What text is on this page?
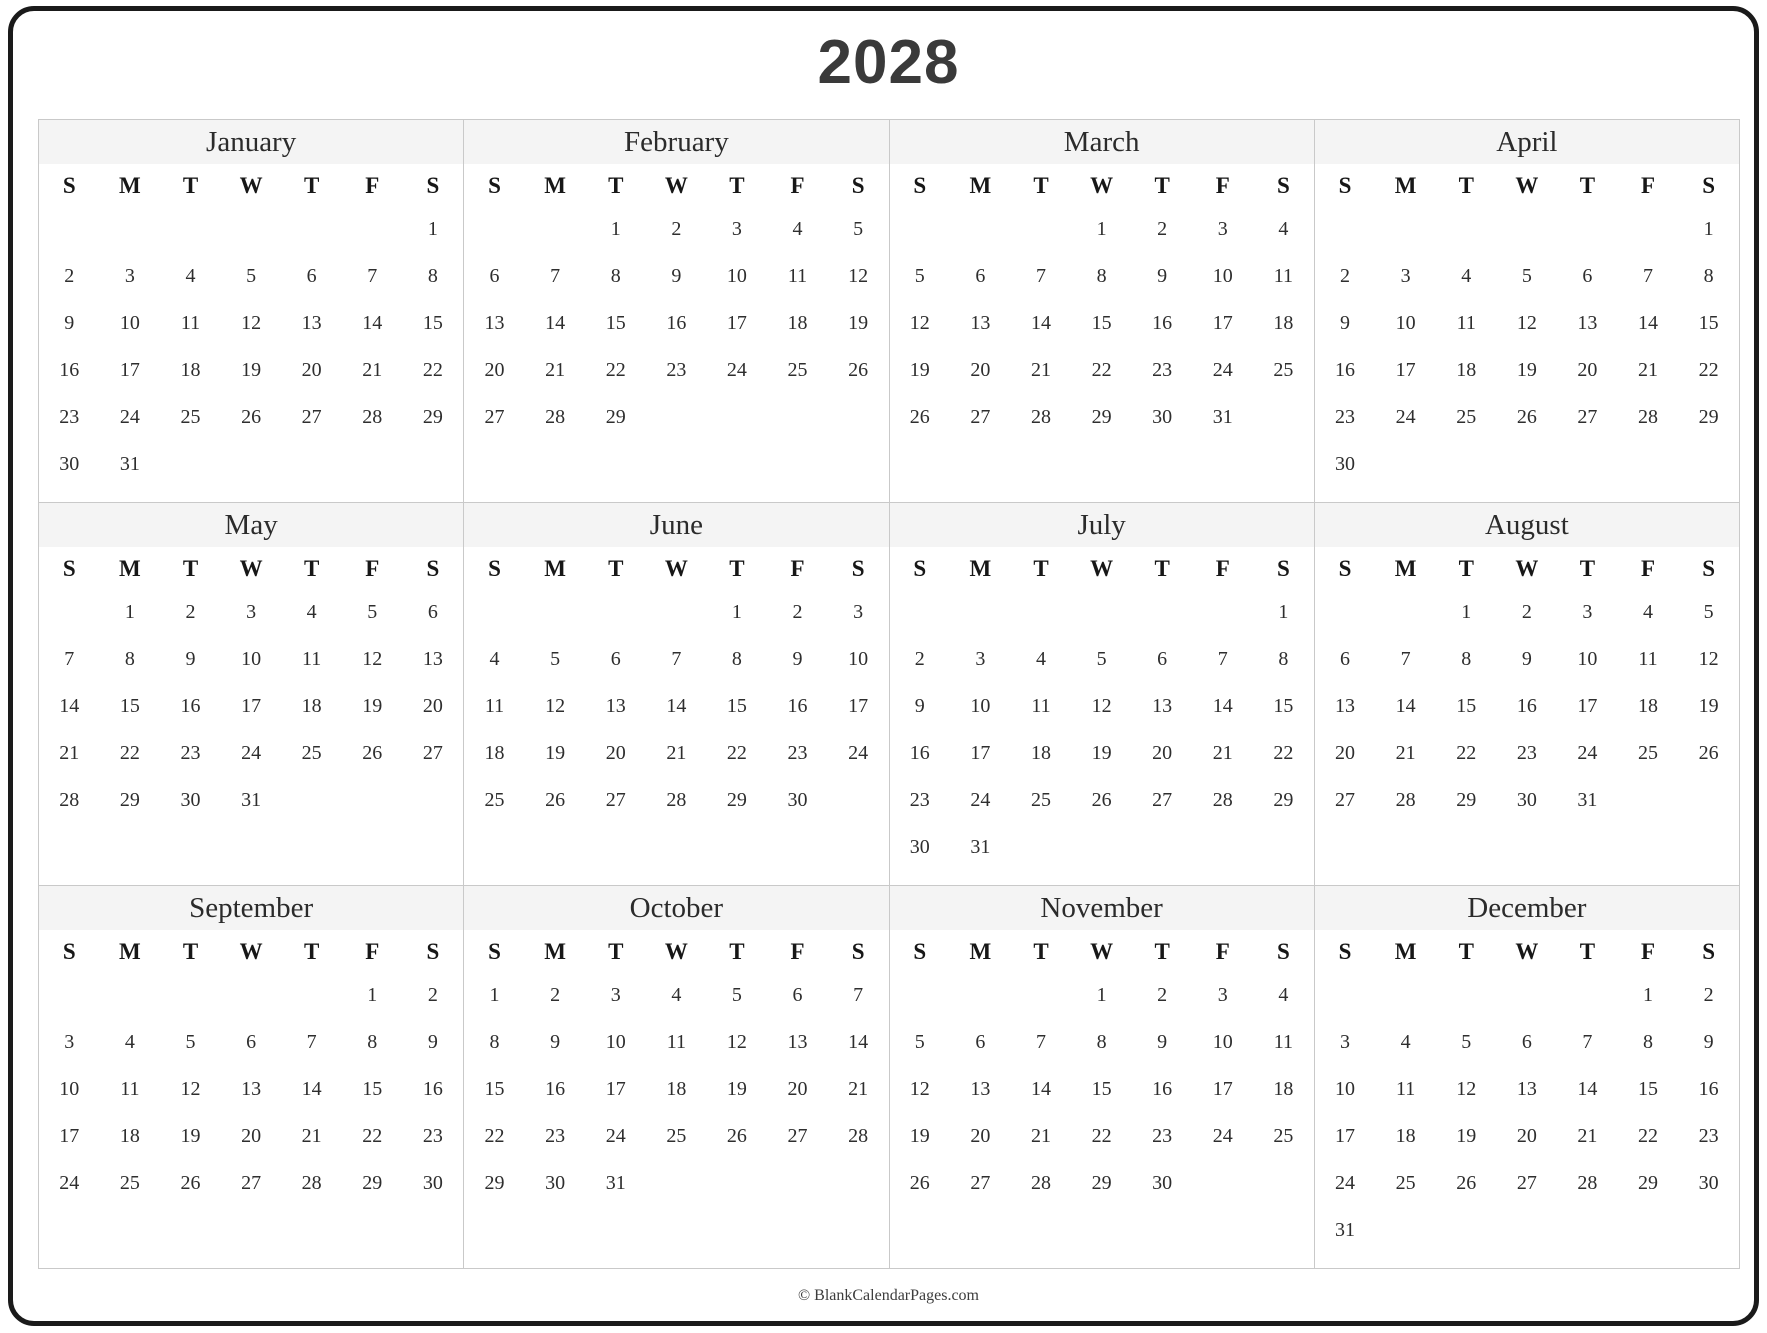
2028
January
S	M	T	W	T	F	S
						1
2	3	4	5	6	7	8
9	10	11	12	13	14	15
16	17	18	19	20	21	22
23	24	25	26	27	28	29
30	31					
February
S	M	T	W	T	F	S
		1	2	3	4	5
6	7	8	9	10	11	12
13	14	15	16	17	18	19
20	21	22	23	24	25	26
27	28	29				

March
S	M	T	W	T	F	S
			1	2	3	4
5	6	7	8	9	10	11
12	13	14	15	16	17	18
19	20	21	22	23	24	25
26	27	28	29	30	31	

April
S	M	T	W	T	F	S
						1
2	3	4	5	6	7	8
9	10	11	12	13	14	15
16	17	18	19	20	21	22
23	24	25	26	27	28	29
30						
May
S	M	T	W	T	F	S
	1	2	3	4	5	6
7	8	9	10	11	12	13
14	15	16	17	18	19	20
21	22	23	24	25	26	27
28	29	30	31			

June
S	M	T	W	T	F	S
				1	2	3
4	5	6	7	8	9	10
11	12	13	14	15	16	17
18	19	20	21	22	23	24
25	26	27	28	29	30	

July
S	M	T	W	T	F	S
						1
2	3	4	5	6	7	8
9	10	11	12	13	14	15
16	17	18	19	20	21	22
23	24	25	26	27	28	29
30	31					
August
S	M	T	W	T	F	S
		1	2	3	4	5
6	7	8	9	10	11	12
13	14	15	16	17	18	19
20	21	22	23	24	25	26
27	28	29	30	31		

September
S	M	T	W	T	F	S
					1	2
3	4	5	6	7	8	9
10	11	12	13	14	15	16
17	18	19	20	21	22	23
24	25	26	27	28	29	30

October
S	M	T	W	T	F	S
1	2	3	4	5	6	7
8	9	10	11	12	13	14
15	16	17	18	19	20	21
22	23	24	25	26	27	28
29	30	31				

November
S	M	T	W	T	F	S
			1	2	3	4
5	6	7	8	9	10	11
12	13	14	15	16	17	18
19	20	21	22	23	24	25
26	27	28	29	30		

December
S	M	T	W	T	F	S
					1	2
3	4	5	6	7	8	9
10	11	12	13	14	15	16
17	18	19	20	21	22	23
24	25	26	27	28	29	30
31						
© BlankCalendarPages.com
